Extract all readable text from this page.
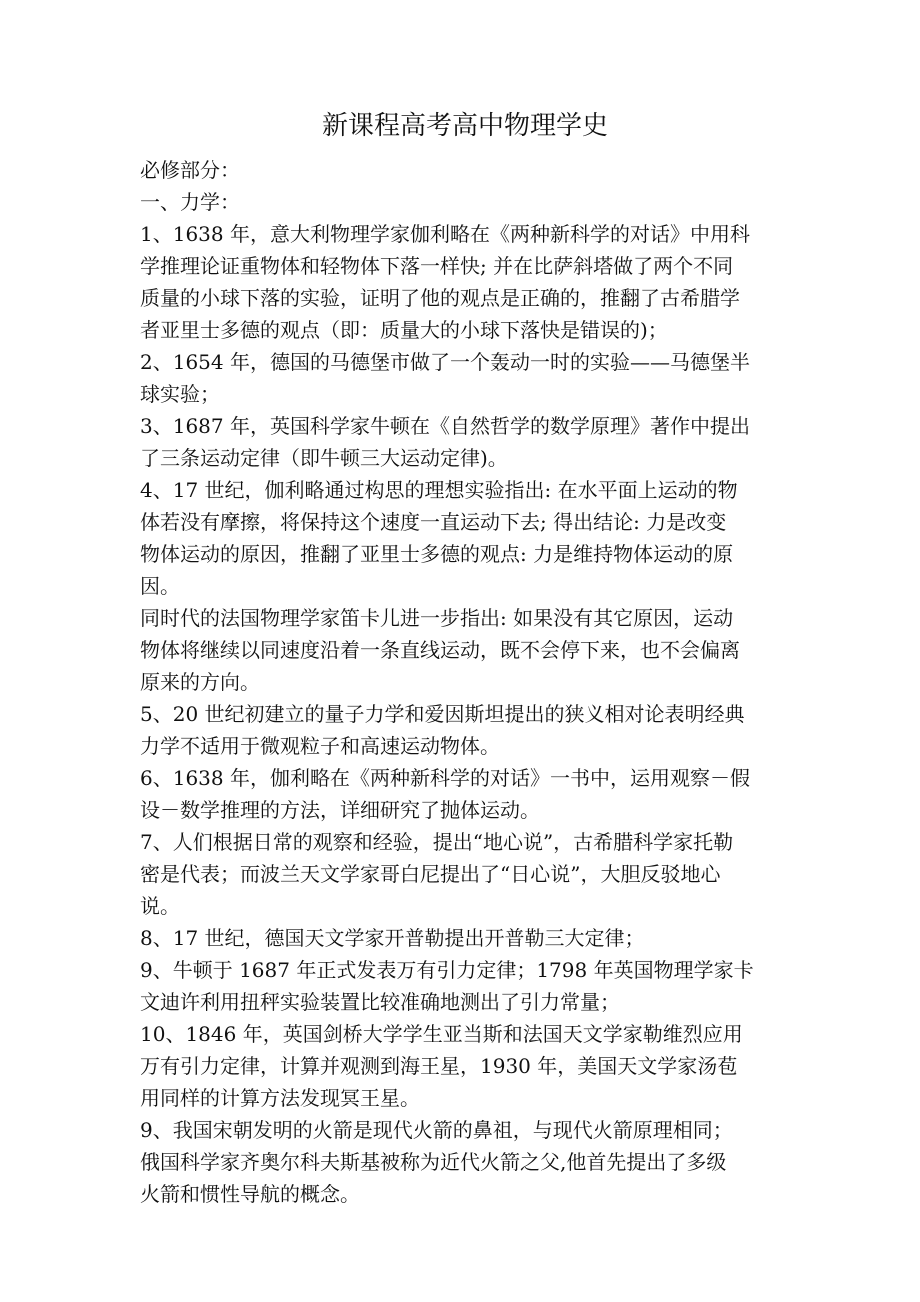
新课程高考高中物理学史

必修部分：

一、力学：

1、1638 年，意大利物理学家伽利略在《两种新科学的对话》中用科

学推理论证重物体和轻物体下落一样快; 并在比萨斜塔做了两个不同

质量的小球下落的实验，证明了他的观点是正确的，推翻了古希腊学

者亚里士多德的观点（即：质量大的小球下落快是错误的)；

2、1654 年，德国的马德堡市做了一个轰动一时的实验——马德堡半

球实验；

3、1687 年，英国科学家牛顿在《自然哲学的数学原理》著作中提出

了三条运动定律（即牛顿三大运动定律)。

4、17 世纪，伽利略通过构思的理想实验指出: 在水平面上运动的物

体若没有摩擦，将保持这个速度一直运动下去; 得出结论: 力是改变

物体运动的原因，推翻了亚里士多德的观点: 力是维持物体运动的原

因。

同时代的法国物理学家笛卡儿进一步指出: 如果没有其它原因，运动

物体将继续以同速度沿着一条直线运动，既不会停下来，也不会偏离

原来的方向。

5、20 世纪初建立的量子力学和爱因斯坦提出的狭义相对论表明经典

力学不适用于微观粒子和高速运动物体。

6、1638 年，伽利略在《两种新科学的对话》一书中，运用观察－假

设－数学推理的方法，详细研究了抛体运动。

7、人们根据日常的观察和经验，提出“地心说”，古希腊科学家托勒

密是代表；而波兰天文学家哥白尼提出了“日心说”，大胆反驳地心

说。

8、17 世纪，德国天文学家开普勒提出开普勒三大定律；

9、牛顿于 1687 年正式发表万有引力定律；1798 年英国物理学家卡

文迪许利用扭秤实验装置比较准确地测出了引力常量；

10、1846 年，英国剑桥大学学生亚当斯和法国天文学家勒维烈应用

万有引力定律，计算并观测到海王星，1930 年，美国天文学家汤苞

用同样的计算方法发现冥王星。

9、我国宋朝发明的火箭是现代火箭的鼻祖，与现代火箭原理相同；

俄国科学家齐奥尔科夫斯基被称为近代火箭之父,他首先提出了多级

火箭和惯性导航的概念。
